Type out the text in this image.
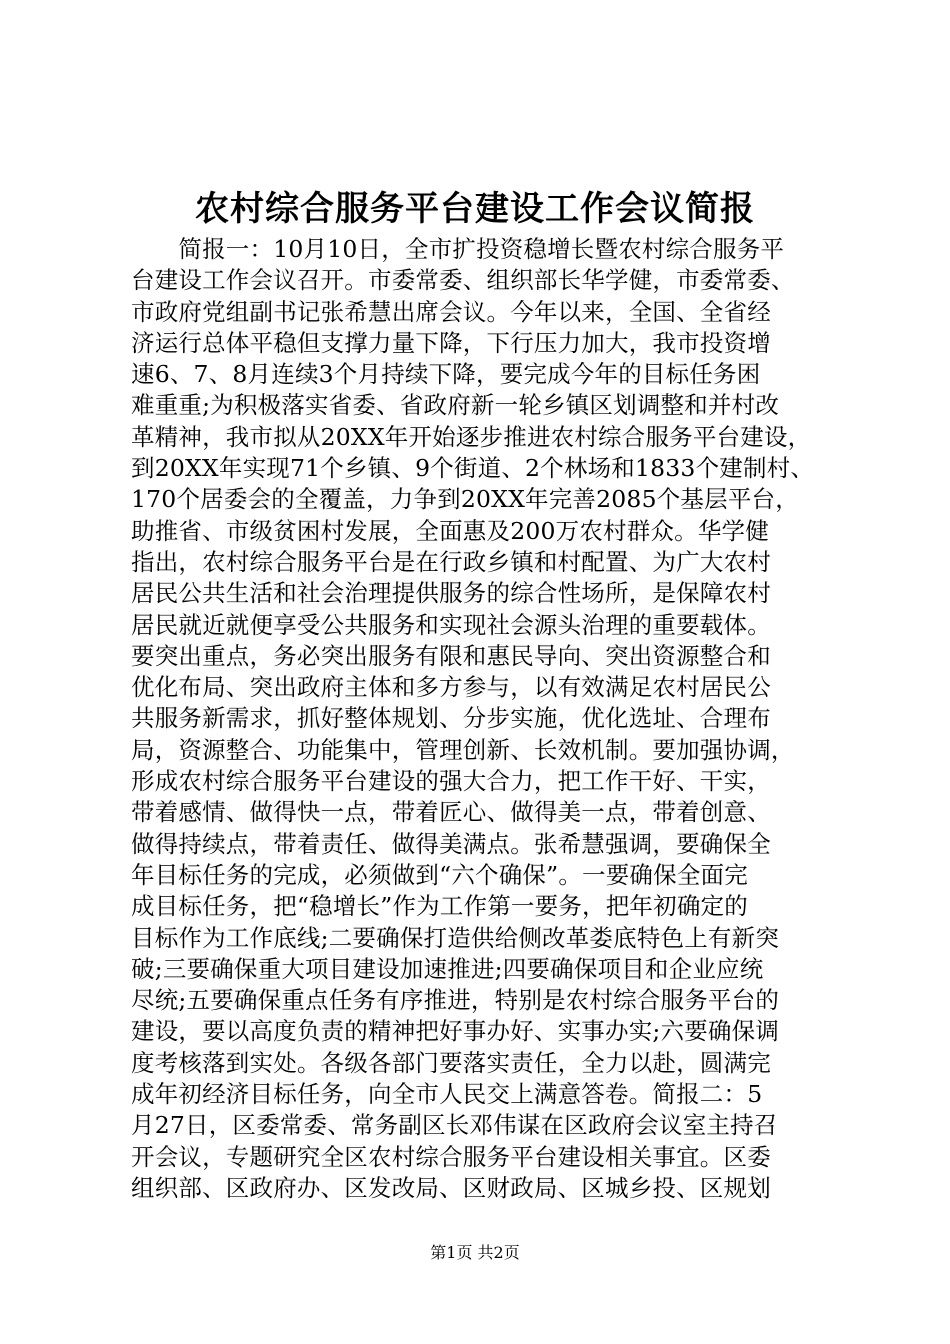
农村综合服务平台建设工作会议简报
　　简报一：10月10日，全市扩投资稳增长暨农村综合服务平
台建设工作会议召开。市委常委、组织部长华学健，市委常委、
市政府党组副书记张希慧出席会议。今年以来，全国、全省经
济运行总体平稳但支撑力量下降，下行压力加大，我市投资增
速6、7、8月连续3个月持续下降，要完成今年的目标任务困
难重重;为积极落实省委、省政府新一轮乡镇区划调整和并村改
革精神，我市拟从20XX年开始逐步推进农村综合服务平台建设，
到20XX年实现71个乡镇、9个街道、2个林场和1833个建制村、
170个居委会的全覆盖，力争到20XX年完善2085个基层平台，
助推省、市级贫困村发展，全面惠及200万农村群众。华学健
指出，农村综合服务平台是在行政乡镇和村配置、为广大农村
居民公共生活和社会治理提供服务的综合性场所，是保障农村
居民就近就便享受公共服务和实现社会源头治理的重要载体。
要突出重点，务必突出服务有限和惠民导向、突出资源整合和
优化布局、突出政府主体和多方参与，以有效满足农村居民公
共服务新需求，抓好整体规划、分步实施，优化选址、合理布
局，资源整合、功能集中，管理创新、长效机制。要加强协调，
形成农村综合服务平台建设的强大合力，把工作干好、干实，
带着感情、做得快一点，带着匠心、做得美一点，带着创意、
做得持续点，带着责任、做得美满点。张希慧强调，要确保全
年目标任务的完成，必须做到“六个确保”。一要确保全面完
成目标任务，把“稳增长”作为工作第一要务，把年初确定的
目标作为工作底线;二要确保打造供给侧改革娄底特色上有新突
破;三要确保重大项目建设加速推进;四要确保项目和企业应统
尽统;五要确保重点任务有序推进，特别是农村综合服务平台的
建设，要以高度负责的精神把好事办好、实事办实;六要确保调
度考核落到实处。各级各部门要落实责任，全力以赴，圆满完
成年初经济目标任务，向全市人民交上满意答卷。简报二：5
月27日，区委常委、常务副区长邓伟谋在区政府会议室主持召
开会议，专题研究全区农村综合服务平台建设相关事宜。区委
组织部、区政府办、区发改局、区财政局、区城乡投、区规划
第1页 共2页
